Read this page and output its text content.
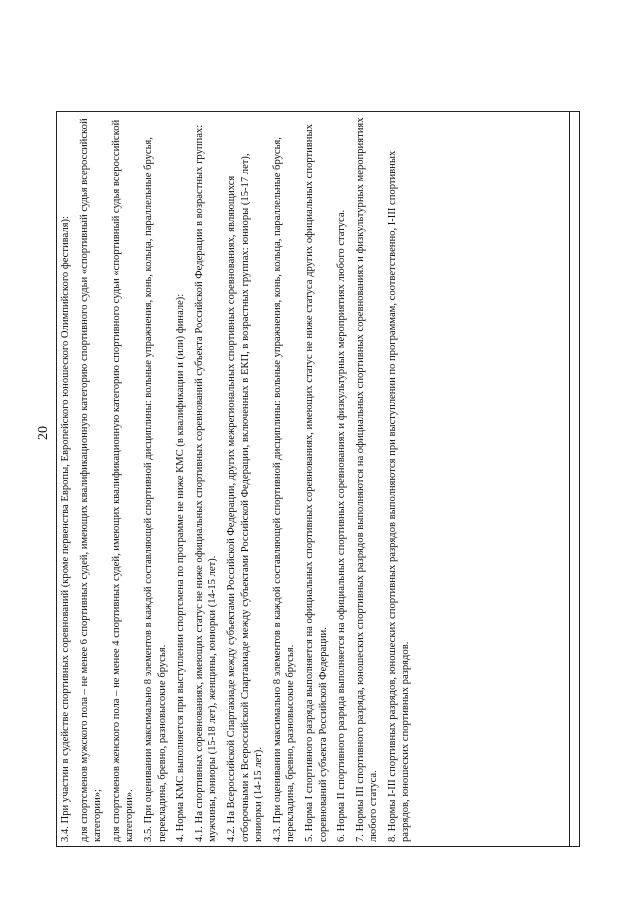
20 3.4. При участии в судействе спортивных соревнований (кроме первенства Европы, Европейского юношеского Олимпийского фестиваля): для спортсменов мужского пола – не менее 6 спортивных судей, имеющих квалификационную категорию спортивного судьи «спортивный судья всероссийской категории»; для спортсменов женского пола – не менее 4 спортивных судей, имеющих квалификационную категорию спортивного судьи «спортивный судья всероссийской категории». 3.5. При оценивании максимально 8 элементов в каждой составляющей спортивной дисциплины: вольные упражнения, конь, кольца, параллельные брусья, перекладина, бревно, разновысокие брусья. 4. Норма КМС выполняется при выступлении спортсмена по программе не ниже КМС (в квалификации и (или) финале): 4.1. На спортивных соревнованиях, имеющих статус не ниже официальных спортивных соревнований субъекта Российской Федерации в возрастных группах: мужчины, юниоры (15-18 лет), женщины, юниорки (14-15 лет). 4.2. На Всероссийской Спартакиаде между субъектами Российской Федерации, других межрегиональных спортивных соревнованиях, являющихся отборочными к Всероссийской Спартакиаде между субъектами Российской Федерации, включенных в ЕКП, в возрастных группах: юниоры (15-17 лет), юниорки (14-15 лет). 4.3. При оценивании максимально 8 элементов в каждой составляющей спортивной дисциплины: вольные упражнения, конь, кольца, параллельные брусья, перекладина, бревно, разновысокие брусья. 5. Норма I спортивного разряда выполняется на официальных спортивных соревнованиях, имеющих статус не ниже статуса других официальных спортивных соревнований субъекта Российской Федерации. 6. Норма II спортивного разряда выполняется на официальных спортивных соревнованиях и физкультурных мероприятиях любого статуса. 7. Нормы III спортивного разряда, юношеских спортивных разрядов выполняются на официальных спортивных соревнованиях и физкультурных мероприятиях любого статуса. 8. Нормы I-III спортивных разрядов, юношеских спортивных разрядов выполняются при выступлении по программам, соответственно, I-III спортивных разрядов, юношеских спортивных разрядов.
